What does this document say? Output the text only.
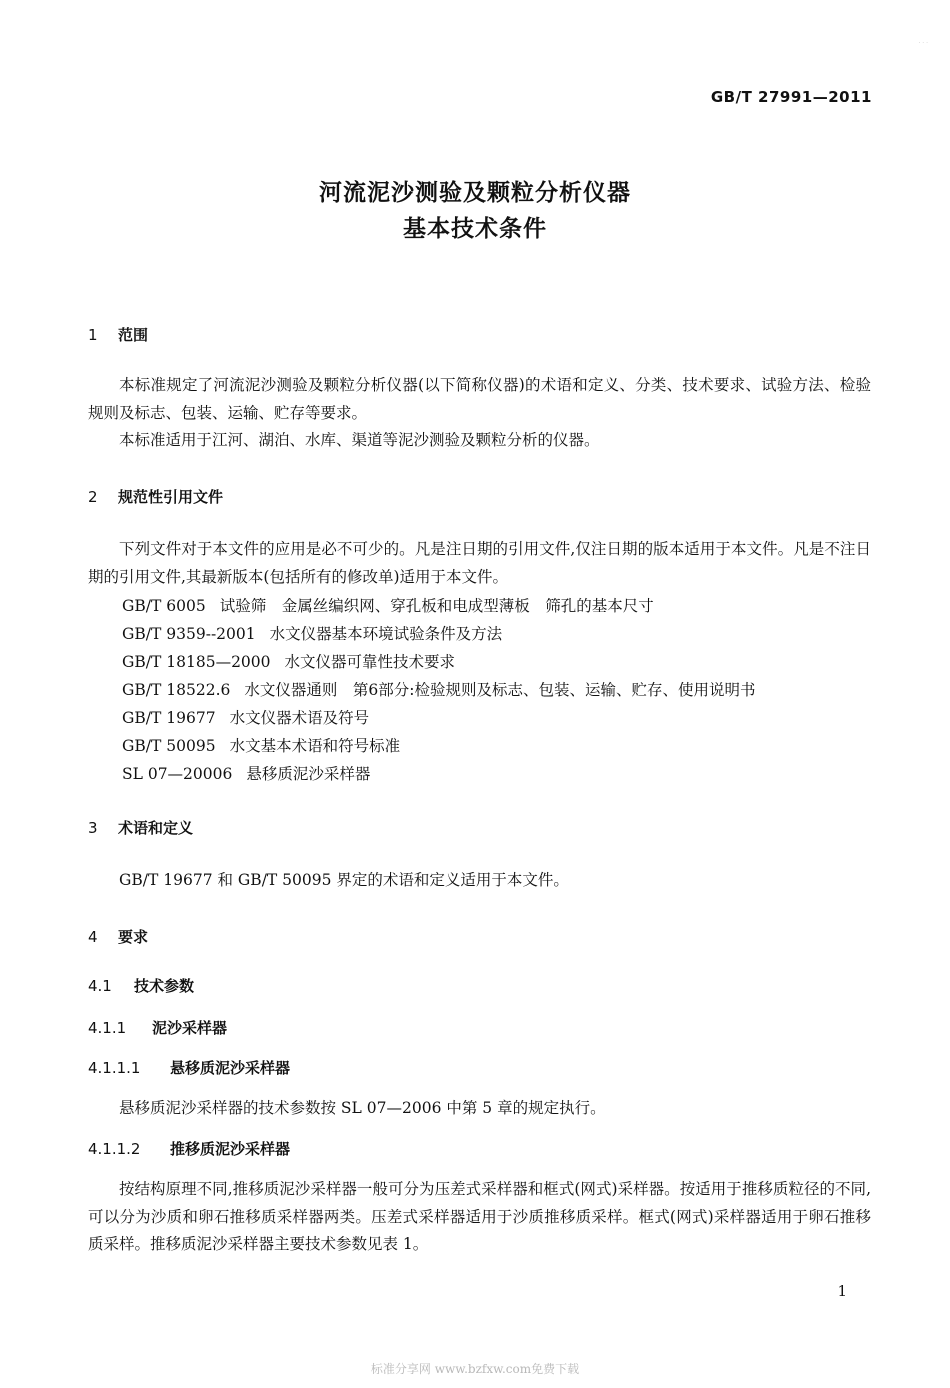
· · ·
GB/T 27991—2011
河流泥沙测验及颗粒分析仪器
基本技术条件
1 范围
本标准规定了河流泥沙测验及颗粒分析仪器(以下简称仪器)的术语和定义、分类、技术要求、试验方法、检验规则及标志、包装、运输、贮存等要求。
本标准适用于江河、湖泊、水库、渠道等泥沙测验及颗粒分析的仪器。
2 规范性引用文件
下列文件对于本文件的应用是必不可少的。凡是注日期的引用文件,仅注日期的版本适用于本文件。凡是不注日期的引用文件,其最新版本(包括所有的修改单)适用于本文件。
GB/T 6005 试验筛　金属丝编织网、穿孔板和电成型薄板　筛孔的基本尺寸
GB/T 9359--2001 水文仪器基本环境试验条件及方法
GB/T 18185—2000 水文仪器可靠性技术要求
GB/T 18522.6 水文仪器通则　第6部分:检验规则及标志、包装、运输、贮存、使用说明书
GB/T 19677 水文仪器术语及符号
GB/T 50095 水文基本术语和符号标准
SL 07—20006 悬移质泥沙采样器
3 术语和定义
GB/T 19677 和 GB/T 50095 界定的术语和定义适用于本文件。
4 要求
4.1 技术参数
4.1.1 泥沙采样器
4.1.1.1 悬移质泥沙采样器
悬移质泥沙采样器的技术参数按 SL 07—2006 中第 5 章的规定执行。
4.1.1.2 推移质泥沙采样器
按结构原理不同,推移质泥沙采样器一般可分为压差式采样器和框式(网式)采样器。按适用于推移质粒径的不同,可以分为沙质和卵石推移质采样器两类。压差式采样器适用于沙质推移质采样。框式(网式)采样器适用于卵石推移质采样。推移质泥沙采样器主要技术参数见表 1。
1
标准分享网 www.bzfxw.com免费下载
